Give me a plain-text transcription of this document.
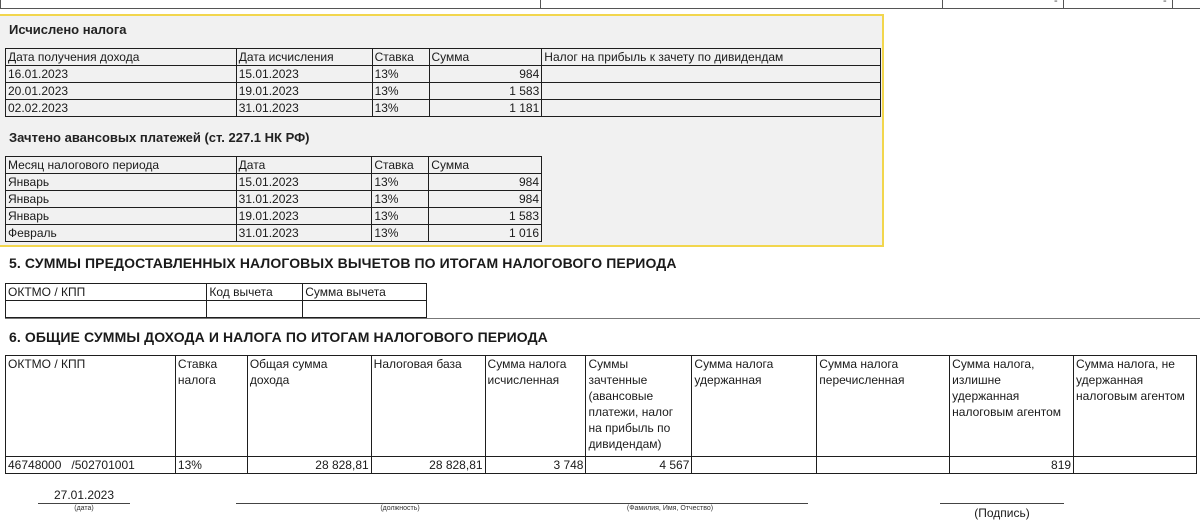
-	-
Исчислено налога
Дата получения дохода	Дата исчисления	Ставка	Сумма	Налог на прибыль к зачету по дивидендам
16.01.2023	15.01.2023	13%	984	
20.01.2023	19.01.2023	13%	1 583	
02.02.2023	31.01.2023	13%	1 181	
Зачтено авансовых платежей (ст. 227.1 НК РФ)
Месяц налогового периода	Дата	Ставка	Сумма
Январь	15.01.2023	13%	984
Январь	31.01.2023	13%	984
Январь	19.01.2023	13%	1 583
Февраль	31.01.2023	13%	1 016
5. СУММЫ ПРЕДОСТАВЛЕННЫХ НАЛОГОВЫХ ВЫЧЕТОВ ПО ИТОГАМ НАЛОГОВОГО ПЕРИОДА
ОКТМО / КПП	Код вычета	Сумма вычета

6. ОБЩИЕ СУММЫ ДОХОДА И НАЛОГА ПО ИТОГАМ НАЛОГОВОГО ПЕРИОДА
ОКТМО / КПП	Ставка налога	Общая сумма дохода	Налоговая база	Сумма налога исчисленная	Суммы зачтенные (авансовые платежи, налог на прибыль по дивидендам)	Сумма налога удержанная	Сумма налога перечисленная	Сумма налога, излишне удержанная налоговым агентом	Сумма налога, не удержанная налоговым агентом
46748000   /502701001	13%	28 828,81	28 828,81	3 748	4 567			819	
27.01.2023
(дата)	(должность)	(Фамилия, Имя, Отчество)	(Подпись)
